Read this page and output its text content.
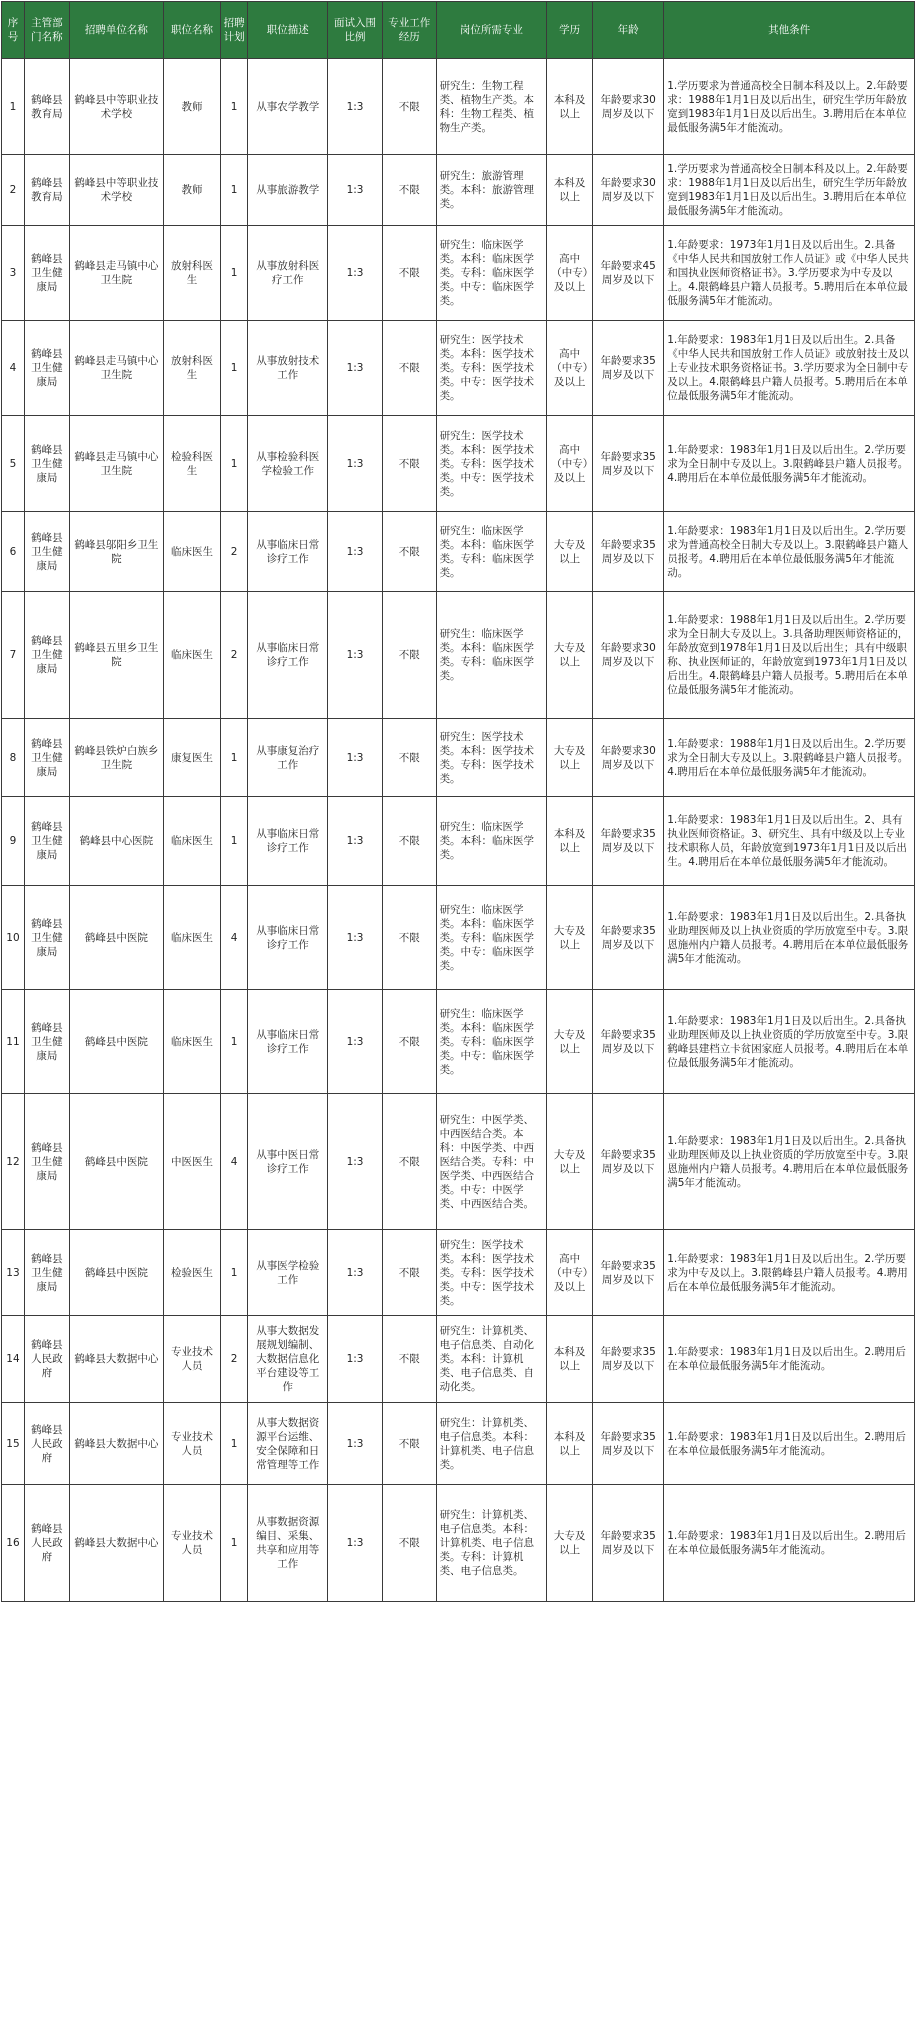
序号	主管部门名称	招聘单位名称	职位名称	招聘计划	职位描述	面试入围比例	专业工作经历	岗位所需专业	学历	年龄	其他条件
1	鹤峰县教育局	鹤峰县中等职业技术学校	教师	1	从事农学教学	1:3	不限	研究生：生物工程类、植物生产类。本科：生物工程类、植物生产类。	本科及以上	年龄要求30周岁及以下	1.学历要求为普通高校全日制本科及以上。2.年龄要求：1988年1月1日及以后出生，研究生学历年龄放宽到1983年1月1日及以后出生。3.聘用后在本单位最低服务满5年才能流动。
2	鹤峰县教育局	鹤峰县中等职业技术学校	教师	1	从事旅游教学	1:3	不限	研究生：旅游管理类。本科：旅游管理类。	本科及以上	年龄要求30周岁及以下	1.学历要求为普通高校全日制本科及以上。2.年龄要求：1988年1月1日及以后出生，研究生学历年龄放宽到1983年1月1日及以后出生。3.聘用后在本单位最低服务满5年才能流动。
3	鹤峰县卫生健康局	鹤峰县走马镇中心卫生院	放射科医生	1	从事放射科医疗工作	1:3	不限	研究生：临床医学类。本科：临床医学类。专科：临床医学类。中专：临床医学类。	高中（中专）及以上	年龄要求45周岁及以下	1.年龄要求：1973年1月1日及以后出生。2.具备《中华人民共和国放射工作人员证》或《中华人民共和国执业医师资格证书》。3.学历要求为中专及以上。4.限鹤峰县户籍人员报考。5.聘用后在本单位最低服务满5年才能流动。
4	鹤峰县卫生健康局	鹤峰县走马镇中心卫生院	放射科医生	1	从事放射技术工作	1:3	不限	研究生：医学技术类。本科：医学技术类。专科：医学技术类。中专：医学技术类。	高中（中专）及以上	年龄要求35周岁及以下	1.年龄要求：1983年1月1日及以后出生。2.具备《中华人民共和国放射工作人员证》或放射技士及以上专业技术职务资格证书。3.学历要求为全日制中专及以上。4.限鹤峰县户籍人员报考。5.聘用后在本单位最低服务满5年才能流动。
5	鹤峰县卫生健康局	鹤峰县走马镇中心卫生院	检验科医生	1	从事检验科医学检验工作	1:3	不限	研究生：医学技术类。本科：医学技术类。专科：医学技术类。中专：医学技术类。	高中（中专）及以上	年龄要求35周岁及以下	1.年龄要求：1983年1月1日及以后出生。2.学历要求为全日制中专及以上。3.限鹤峰县户籍人员报考。4.聘用后在本单位最低服务满5年才能流动。
6	鹤峰县卫生健康局	鹤峰县邬阳乡卫生院	临床医生	2	从事临床日常诊疗工作	1:3	不限	研究生：临床医学类。本科：临床医学类。专科：临床医学类。	大专及以上	年龄要求35周岁及以下	1.年龄要求：1983年1月1日及以后出生。2.学历要求为普通高校全日制大专及以上。3.限鹤峰县户籍人员报考。4.聘用后在本单位最低服务满5年才能流动。
7	鹤峰县卫生健康局	鹤峰县五里乡卫生院	临床医生	2	从事临床日常诊疗工作	1:3	不限	研究生：临床医学类。本科：临床医学类。专科：临床医学类。	大专及以上	年龄要求30周岁及以下	1.年龄要求：1988年1月1日及以后出生。2.学历要求为全日制大专及以上。3.具备助理医师资格证的，年龄放宽到1978年1月1日及以后出生；具有中级职称、执业医师证的，年龄放宽到1973年1月1日及以后出生。4.限鹤峰县户籍人员报考。5.聘用后在本单位最低服务满5年才能流动。
8	鹤峰县卫生健康局	鹤峰县铁炉白族乡卫生院	康复医生	1	从事康复治疗工作	1:3	不限	研究生：医学技术类。本科：医学技术类。专科：医学技术类。	大专及以上	年龄要求30周岁及以下	1.年龄要求：1988年1月1日及以后出生。2.学历要求为全日制大专及以上。3.限鹤峰县户籍人员报考。4.聘用后在本单位最低服务满5年才能流动。
9	鹤峰县卫生健康局	鹤峰县中心医院	临床医生	1	从事临床日常诊疗工作	1:3	不限	研究生：临床医学类。本科：临床医学类。	本科及以上	年龄要求35周岁及以下	1.年龄要求：1983年1月1日及以后出生。2、具有执业医师资格证。3、研究生、具有中级及以上专业技术职称人员，年龄放宽到1973年1月1日及以后出生。4.聘用后在本单位最低服务满5年才能流动。
10	鹤峰县卫生健康局	鹤峰县中医院	临床医生	4	从事临床日常诊疗工作	1:3	不限	研究生：临床医学类。本科：临床医学类。专科：临床医学类。中专：临床医学类。	大专及以上	年龄要求35周岁及以下	1.年龄要求：1983年1月1日及以后出生。2.具备执业助理医师及以上执业资质的学历放宽至中专。3.限恩施州内户籍人员报考。4.聘用后在本单位最低服务满5年才能流动。
11	鹤峰县卫生健康局	鹤峰县中医院	临床医生	1	从事临床日常诊疗工作	1:3	不限	研究生：临床医学类。本科：临床医学类。专科：临床医学类。中专：临床医学类。	大专及以上	年龄要求35周岁及以下	1.年龄要求：1983年1月1日及以后出生。2.具备执业助理医师及以上执业资质的学历放宽至中专。3.限鹤峰县建档立卡贫困家庭人员报考。4.聘用后在本单位最低服务满5年才能流动。
12	鹤峰县卫生健康局	鹤峰县中医院	中医医生	4	从事中医日常诊疗工作	1:3	不限	研究生：中医学类、中西医结合类。本科：中医学类、中西医结合类。专科：中医学类、中西医结合类。中专：中医学类、中西医结合类。	大专及以上	年龄要求35周岁及以下	1.年龄要求：1983年1月1日及以后出生。2.具备执业助理医师及以上执业资质的学历放宽至中专。3.限恩施州内户籍人员报考。4.聘用后在本单位最低服务满5年才能流动。
13	鹤峰县卫生健康局	鹤峰县中医院	检验医生	1	从事医学检验工作	1:3	不限	研究生：医学技术类。本科：医学技术类。专科：医学技术类。中专：医学技术类。	高中（中专）及以上	年龄要求35周岁及以下	1.年龄要求：1983年1月1日及以后出生。2.学历要求为中专及以上。3.限鹤峰县户籍人员报考。4.聘用后在本单位最低服务满5年才能流动。
14	鹤峰县人民政府	鹤峰县大数据中心	专业技术人员	2	从事大数据发展规划编制、大数据信息化平台建设等工作	1:3	不限	研究生：计算机类、电子信息类、自动化类。本科：计算机类、电子信息类、自动化类。	本科及以上	年龄要求35周岁及以下	1.年龄要求：1983年1月1日及以后出生。2.聘用后在本单位最低服务满5年才能流动。
15	鹤峰县人民政府	鹤峰县大数据中心	专业技术人员	1	从事大数据资源平台运维、安全保障和日常管理等工作	1:3	不限	研究生：计算机类、电子信息类。本科：计算机类、电子信息类。	本科及以上	年龄要求35周岁及以下	1.年龄要求：1983年1月1日及以后出生。2.聘用后在本单位最低服务满5年才能流动。
16	鹤峰县人民政府	鹤峰县大数据中心	专业技术人员	1	从事数据资源编目、采集、共享和应用等工作	1:3	不限	研究生：计算机类、电子信息类。本科：计算机类、电子信息类。专科：计算机类、电子信息类。	大专及以上	年龄要求35周岁及以下	1.年龄要求：1983年1月1日及以后出生。2.聘用后在本单位最低服务满5年才能流动。
